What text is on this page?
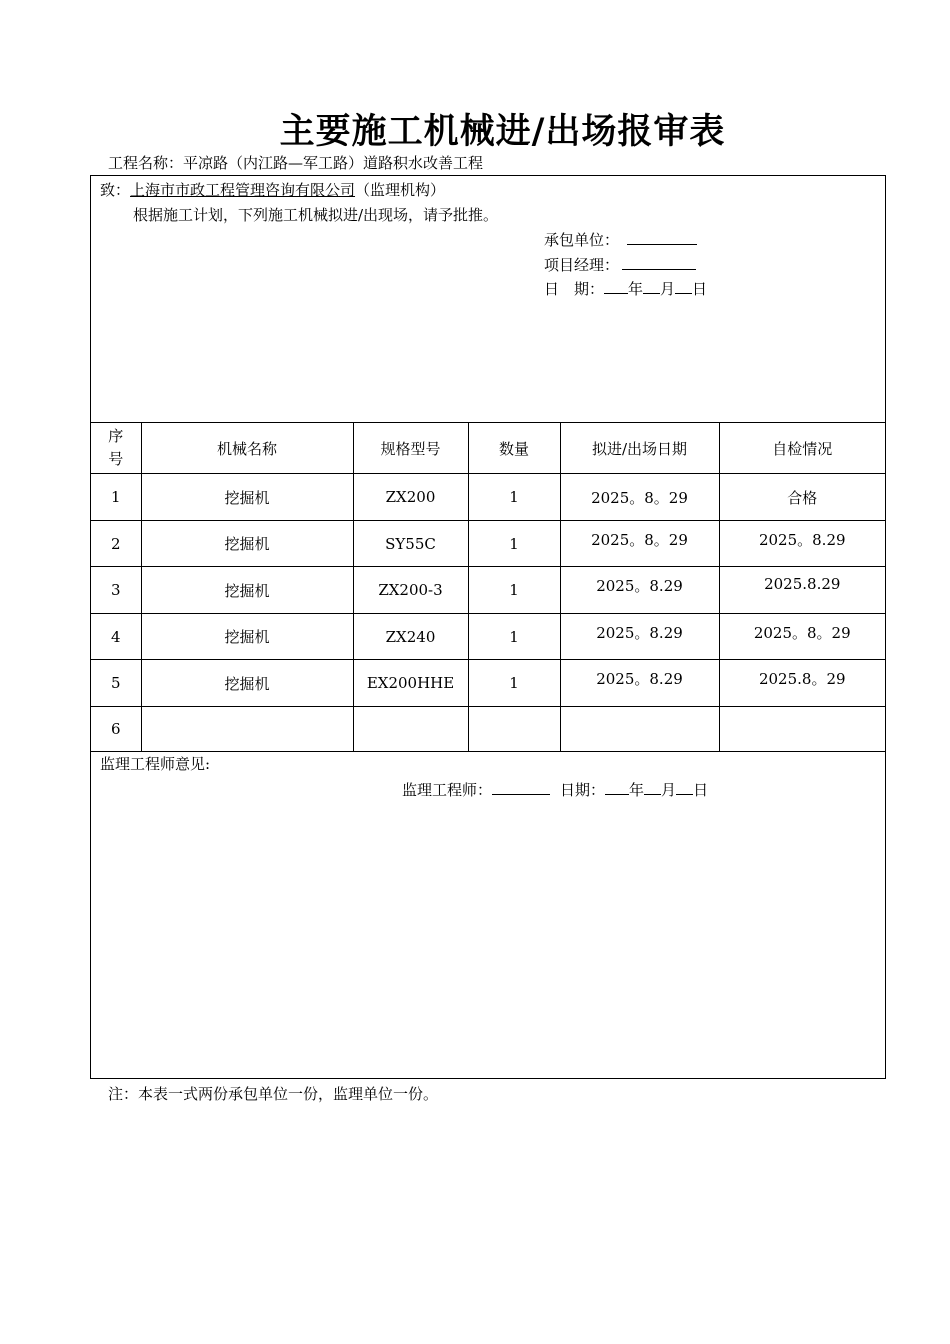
主要施工机械进/出场报审表
工程名称：平凉路（内江路—军工路）道路积水改善工程
致：上海市市政工程管理咨询有限公司（监理机构）
根据施工计划，下列施工机械拟进/出现场，请予批推。
承包单位：
项目经理：
日　期： 年 月 日
序
号	机械名称	规格型号	数量	拟进/出场日期	自检情况
1	挖掘机	ZX200	1	2025。8。29	合格
2	挖掘机	SY55C	1	2025。8。29	2025。8.29
3	挖掘机	ZX200-3	1	2025。8.29	2025.8.29
4	挖掘机	ZX240	1	2025。8.29	2025。8。29
5	挖掘机	EX200HHE	1	2025。8.29	2025.8。29
6					
监理工程师意见:
监理工程师：	日期： 年 月 日
注：本表一式两份承包单位一份，监理单位一份。
